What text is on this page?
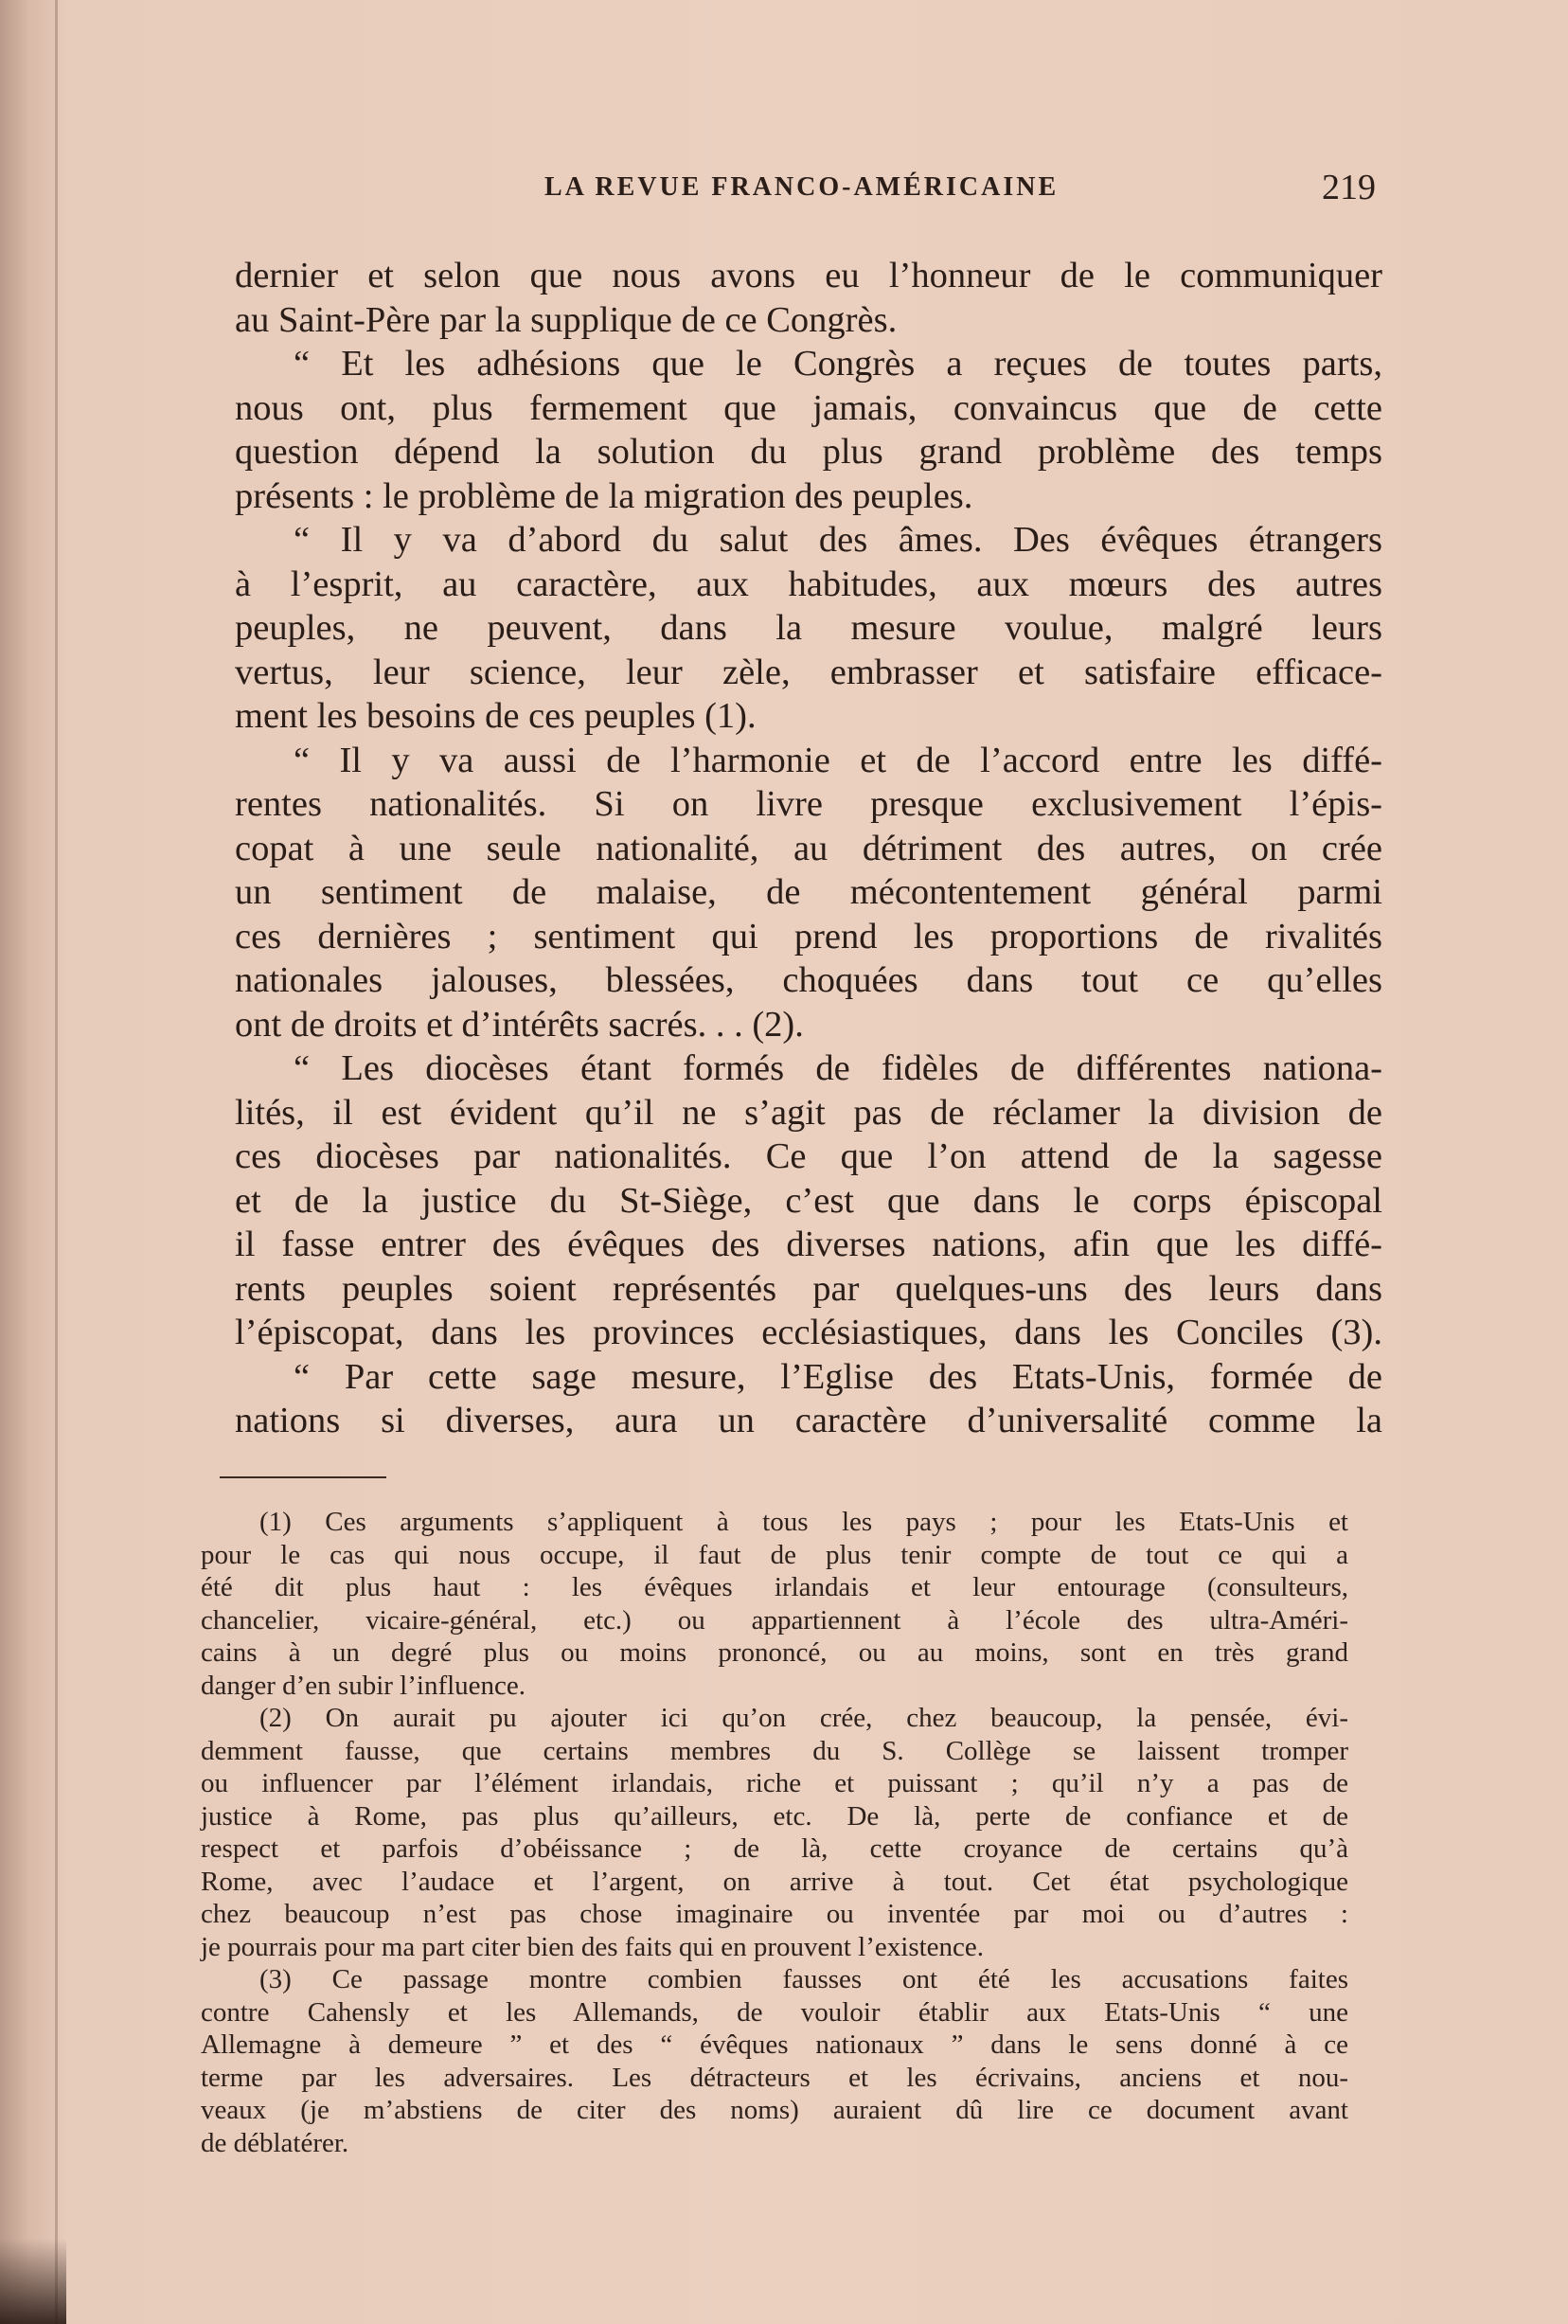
LA REVUE FRANCO-AMÉRICAINE	219
dernier et selon que nous avons eu l’honneur de le communiquer
au Saint-Père par la supplique de ce Congrès.
“ Et les adhésions que le Congrès a reçues de toutes parts,
nous ont, plus fermement que jamais, convaincus que de cette
question dépend la solution du plus grand problème des temps
présents : le problème de la migration des peuples.
“ Il y va d’abord du salut des âmes. Des évêques étrangers
à l’esprit, au caractère, aux habitudes, aux mœurs des autres
peuples, ne peuvent, dans la mesure voulue, malgré leurs
vertus, leur science, leur zèle, embrasser et satisfaire efficace-
ment les besoins de ces peuples (1).
“ Il y va aussi de l’harmonie et de l’accord entre les diffé-
rentes nationalités. Si on livre presque exclusivement l’épis-
copat à une seule nationalité, au détriment des autres, on crée
un sentiment de malaise, de mécontentement général parmi
ces dernières ; sentiment qui prend les proportions de rivalités
nationales jalouses, blessées, choquées dans tout ce qu’elles
ont de droits et d’intérêts sacrés. . . (2).
“ Les diocèses étant formés de fidèles de différentes nationa-
lités, il est évident qu’il ne s’agit pas de réclamer la division de
ces diocèses par nationalités. Ce que l’on attend de la sagesse
et de la justice du St-Siège, c’est que dans le corps épiscopal
il fasse entrer des évêques des diverses nations, afin que les diffé-
rents peuples soient représentés par quelques-uns des leurs dans
l’épiscopat, dans les provinces ecclésiastiques, dans les Conciles (3).
“ Par cette sage mesure, l’Eglise des Etats-Unis, formée de
nations si diverses, aura un caractère d’universalité comme la
(1) Ces arguments s’appliquent à tous les pays ; pour les Etats-Unis et
pour le cas qui nous occupe, il faut de plus tenir compte de tout ce qui a
été dit plus haut : les évêques irlandais et leur entourage (consulteurs,
chancelier, vicaire-général, etc.) ou appartiennent à l’école des ultra-Améri-
cains à un degré plus ou moins prononcé, ou au moins, sont en très grand
danger d’en subir l’influence.
(2) On aurait pu ajouter ici qu’on crée, chez beaucoup, la pensée, évi-
demment fausse, que certains membres du S. Collège se laissent tromper
ou influencer par l’élément irlandais, riche et puissant ; qu’il n’y a pas de
justice à Rome, pas plus qu’ailleurs, etc. De là, perte de confiance et de
respect et parfois d’obéissance ; de là, cette croyance de certains qu’à
Rome, avec l’audace et l’argent, on arrive à tout. Cet état psychologique
chez beaucoup n’est pas chose imaginaire ou inventée par moi ou d’autres :
je pourrais pour ma part citer bien des faits qui en prouvent l’existence.
(3) Ce passage montre combien fausses ont été les accusations faites
contre Cahensly et les Allemands, de vouloir établir aux Etats-Unis “ une
Allemagne à demeure ” et des “ évêques nationaux ” dans le sens donné à ce
terme par les adversaires. Les détracteurs et les écrivains, anciens et nou-
veaux (je m’abstiens de citer des noms) auraient dû lire ce document avant
de déblatérer.
